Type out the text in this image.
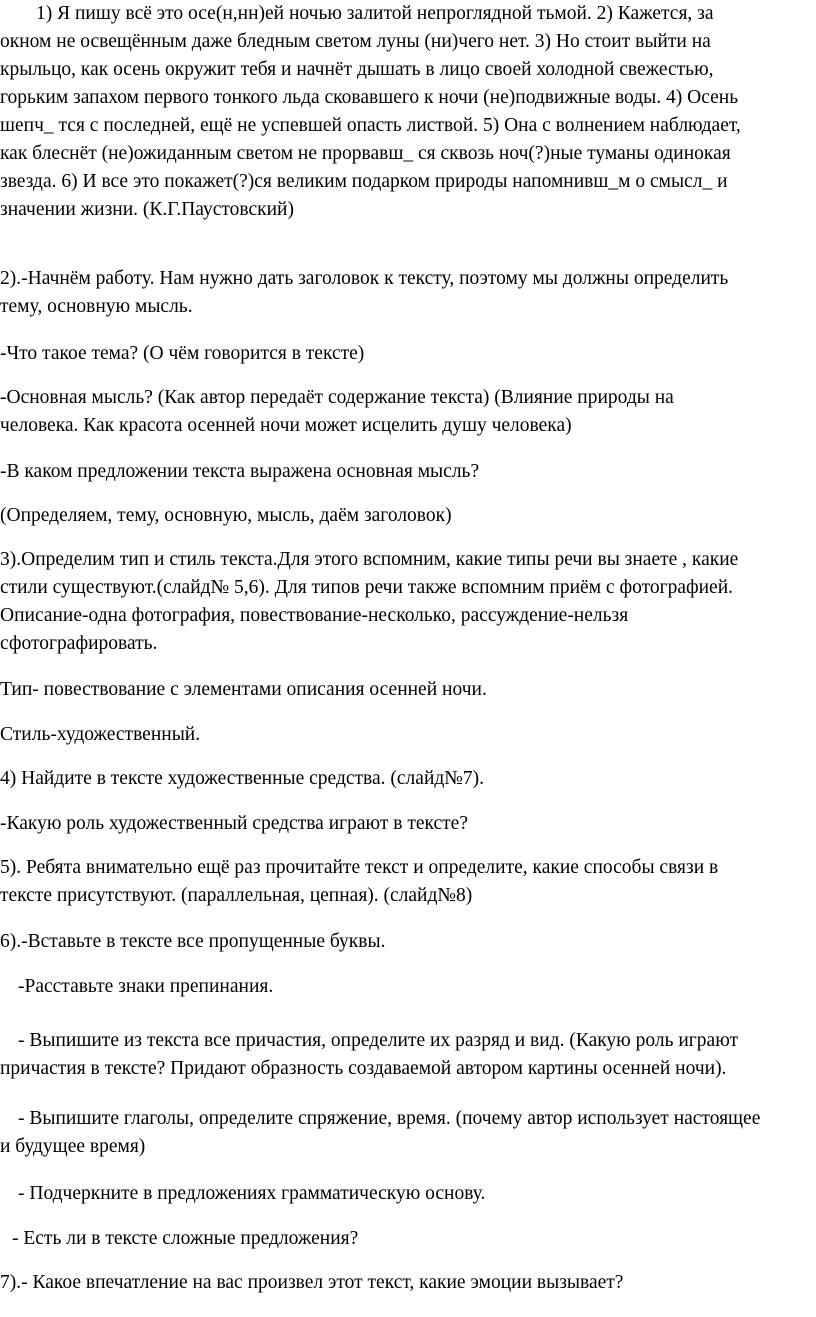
1) Я пишу всё это осе(н,нн)ей ночью залитой непроглядной тьмой. 2) Кажется, за
окном не освещённым даже бледным светом луны (ни)чего нет. 3) Но стоит выйти на
крыльцо, как осень окружит тебя и начнёт дышать в лицо своей холодной свежестью,
горьким запахом первого тонкого льда сковавшего к ночи (не)подвижные воды. 4) Осень
шепч_ тся с последней, ещё не успевшей опасть листвой. 5) Она с волнением наблюдает,
как блеснёт (не)ожиданным светом не прорвавш_ ся сквозь ноч(?)ные туманы одинокая
звезда. 6) И все это покажет(?)ся великим подарком природы напомнивш_м о смысл_ и
значении жизни. (К.Г.Паустовский)
2).-Начнём работу. Нам нужно дать заголовок к тексту, поэтому мы должны определить
тему, основную мысль.
-Что такое тема? (О чём говорится в тексте)
-Основная мысль? (Как автор передаёт содержание текста) (Влияние природы на
человека. Как красота осенней ночи может исцелить душу человека)
-В каком предложении текста выражена основная мысль?
(Определяем, тему, основную, мысль, даём заголовок)
3).Определим тип и стиль текста.Для этого вспомним, какие типы речи вы знаете , какие
стили существуют.(слайд№ 5,6). Для типов речи также вспомним приём с фотографией.
Описание-одна фотография, повествование-несколько, рассуждение-нельзя
сфотографировать.
Тип- повествование с элементами описания осенней ночи.
Стиль-художественный.
4) Найдите в тексте художественные средства. (слайд№7).
-Какую роль художественный средства играют в тексте?
5). Ребята внимательно ещё раз прочитайте текст и определите, какие способы связи в
тексте присутствуют. (параллельная, цепная). (слайд№8)
6).-Вставьте в тексте все пропущенные буквы.
-Расставьте знаки препинания.
- Выпишите из текста все причастия, определите их разряд и вид. (Какую роль играют
причастия в тексте? Придают образность создаваемой автором картины осенней ночи).
- Выпишите глаголы, определите спряжение, время. (почему автор использует настоящее
и будущее время)
- Подчеркните в предложениях грамматическую основу.
- Есть ли в тексте сложные предложения?
7).- Какое впечатление на вас произвел этот текст, какие эмоции вызывает?
